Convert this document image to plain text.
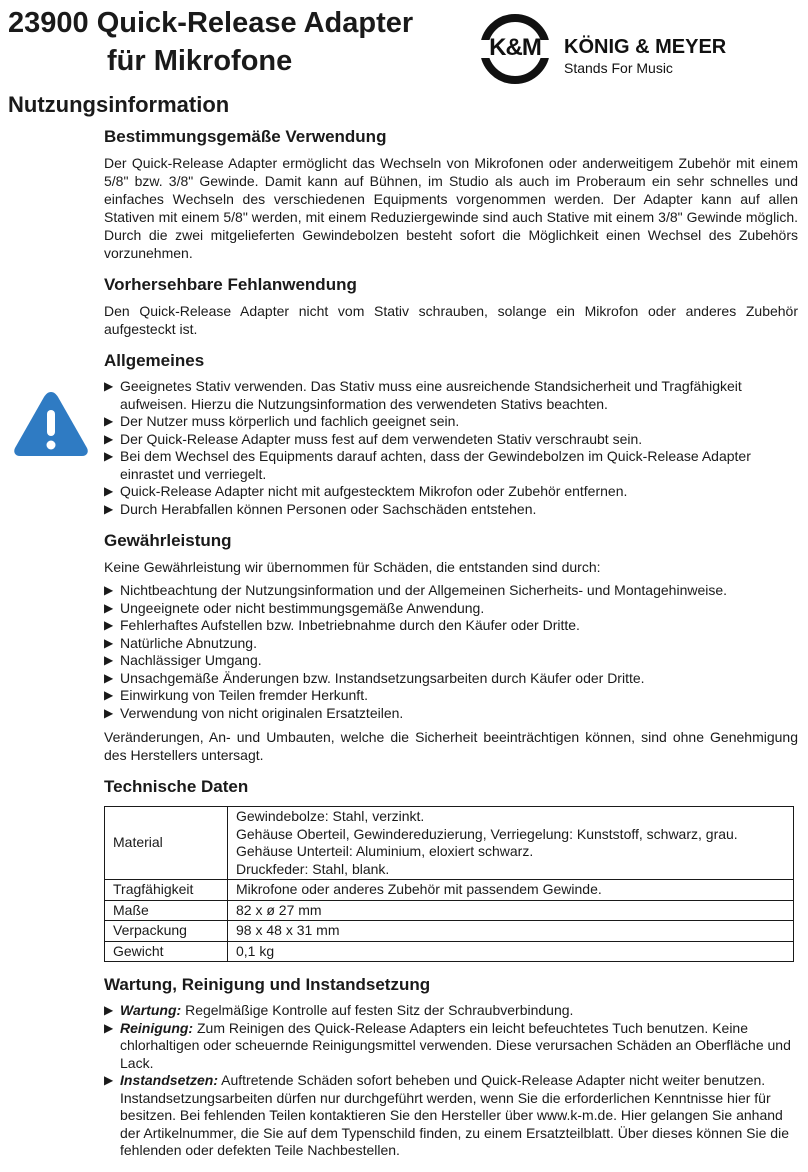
23900 Quick-Release Adapter
für Mikrofone	K&M	KÖNIG & MEYER
Stands For Music
Nutzungsinformation
Bestimmungsgemäße Verwendung

Der Quick-Release Adapter ermöglicht das Wechseln von Mikrofonen oder anderweitigem Zubehör mit einem 5/8" bzw. 3/8" Gewinde. Damit kann auf Bühnen, im Studio als auch im Proberaum ein sehr schnelles und einfaches Wechseln des verschiedenen Equipments vorgenommen werden. Der Adapter kann auf allen Stativen mit einem 5/8" werden, mit einem Reduziergewinde sind auch Stative mit einem 3/8" Gewinde möglich. Durch die zwei mitgelieferten Gewindebolzen besteht sofort die Möglichkeit einen Wechsel des Zubehörs vorzunehmen.

Vorhersehbare Fehlanwendung

Den Quick-Release Adapter nicht vom Stativ schrauben, solange ein Mikrofon oder anderes Zubehör aufgesteckt ist.

Allgemeines
▶ Geeignetes Stativ verwenden. Das Stativ muss eine ausreichende Standsicherheit und Tragfähigkeit aufweisen. Hierzu die Nutzungsinformation des verwendeten Stativs beachten.
▶ Der Nutzer muss körperlich und fachlich geeignet sein.
▶ Der Quick-Release Adapter muss fest auf dem verwendeten Stativ verschraubt sein.
▶ Bei dem Wechsel des Equipments darauf achten, dass der Gewindebolzen im Quick-Release Adapter einrastet und verriegelt.
▶ Quick-Release Adapter nicht mit aufgestecktem Mikrofon oder Zubehör entfernen.
▶ Durch Herabfallen können Personen oder Sachschäden entstehen.
Gewährleistung

Keine Gewährleistung wir übernommen für Schäden, die entstanden sind durch:

▶ Nichtbeachtung der Nutzungsinformation und der Allgemeinen Sicherheits- und Montagehinweise.
▶ Ungeeignete oder nicht bestimmungsgemäße Anwendung.
▶ Fehlerhaftes Aufstellen bzw. Inbetriebnahme durch den Käufer oder Dritte.
▶ Natürliche Abnutzung.
▶ Nachlässiger Umgang.
▶ Unsachgemäße Änderungen bzw. Instandsetzungsarbeiten durch Käufer oder Dritte.
▶ Einwirkung von Teilen fremder Herkunft.
▶ Verwendung von nicht originalen Ersatzteilen.

Veränderungen, An- und Umbauten, welche die Sicherheit beeinträchtigen können, sind ohne Genehmigung des Herstellers untersagt.

Technische Daten
Material	Gewindebolze: Stahl, verzinkt.
Gehäuse Oberteil, Gewindereduzierung, Verriegelung: Kunststoff, schwarz, grau.
Gehäuse Unterteil: Aluminium, eloxiert schwarz.
Druckfeder: Stahl, blank.

Tragfähigkeit	Mikrofone oder anderes Zubehör mit passendem Gewinde.
Maße	82 x ø 27 mm
Verpackung	98 x 48 x 31 mm
Gewicht	0,1 kg
Wartung, Reinigung und Instandsetzung
▶ Wartung: Regelmäßige Kontrolle auf festen Sitz der Schraubverbindung.
▶ Reinigung: Zum Reinigen des Quick-Release Adapters ein leicht befeuchtetes Tuch benutzen. Keine chlorhaltigen oder scheuernde Reinigungsmittel verwenden. Diese verursachen Schäden an Oberfläche und Lack.
▶ Instandsetzen: Auftretende Schäden sofort beheben und Quick-Release Adapter nicht weiter benutzen. Instandsetzungsarbeiten dürfen nur durchgeführt werden, wenn Sie die erforderlichen Kenntnisse hier für besitzen. Bei fehlenden Teilen kontaktieren Sie den Hersteller über www.k-m.de. Hier gelangen Sie anhand der Artikelnummer, die Sie auf dem Typenschild finden, zu einem Ersatzteilblatt. Über dieses können Sie die fehlenden oder defekten Teile Nachbestellen.
